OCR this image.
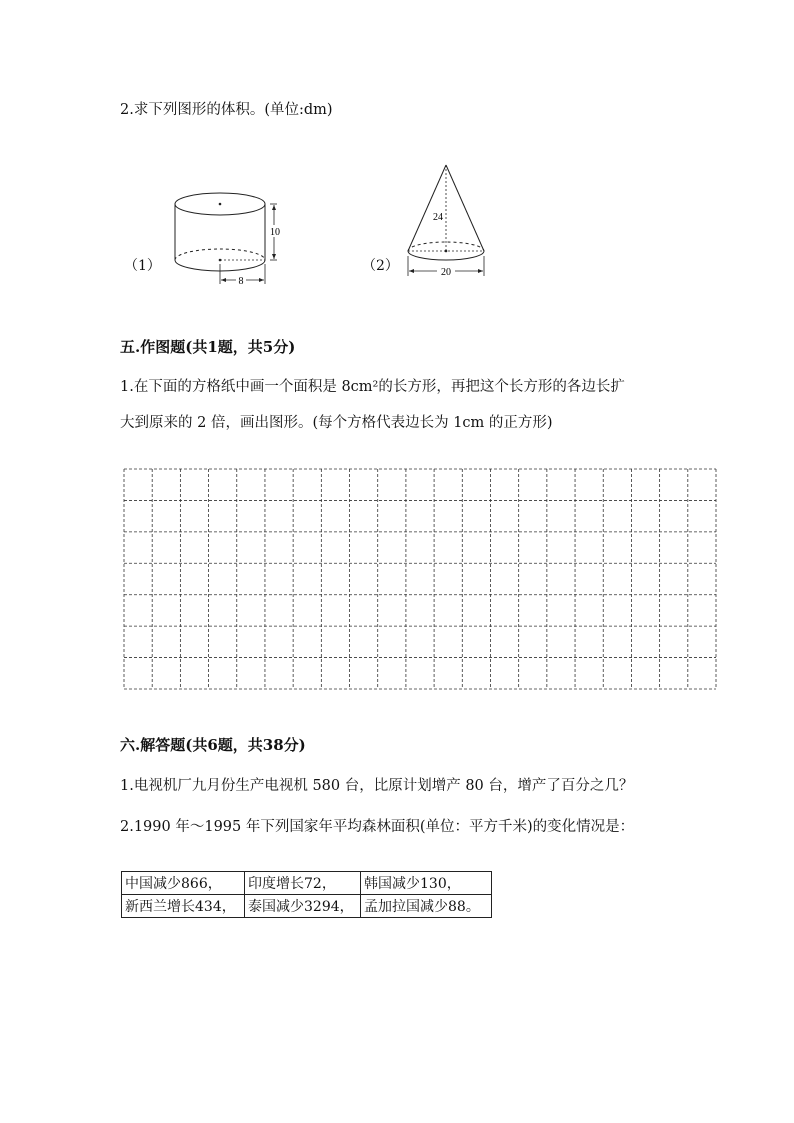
2.求下列图形的体积。(单位:dm)
（1）
10
8
（2）
24
20
五.作图题(共1题，共5分)
1.在下面的方格纸中画一个面积是 8cm²的长方形，再把这个长方形的各边长扩
大到原来的 2 倍，画出图形。(每个方格代表边长为 1cm 的正方形)
六.解答题(共6题，共38分)
1.电视机厂九月份生产电视机 580 台，比原计划增产 80 台，增产了百分之几？
2.1990 年～1995 年下列国家年平均森林面积(单位：平方千米)的变化情况是：
中国减少866，	印度增长72，	韩国减少130，
新西兰增长434，	泰国减少3294，	孟加拉国减少88。
